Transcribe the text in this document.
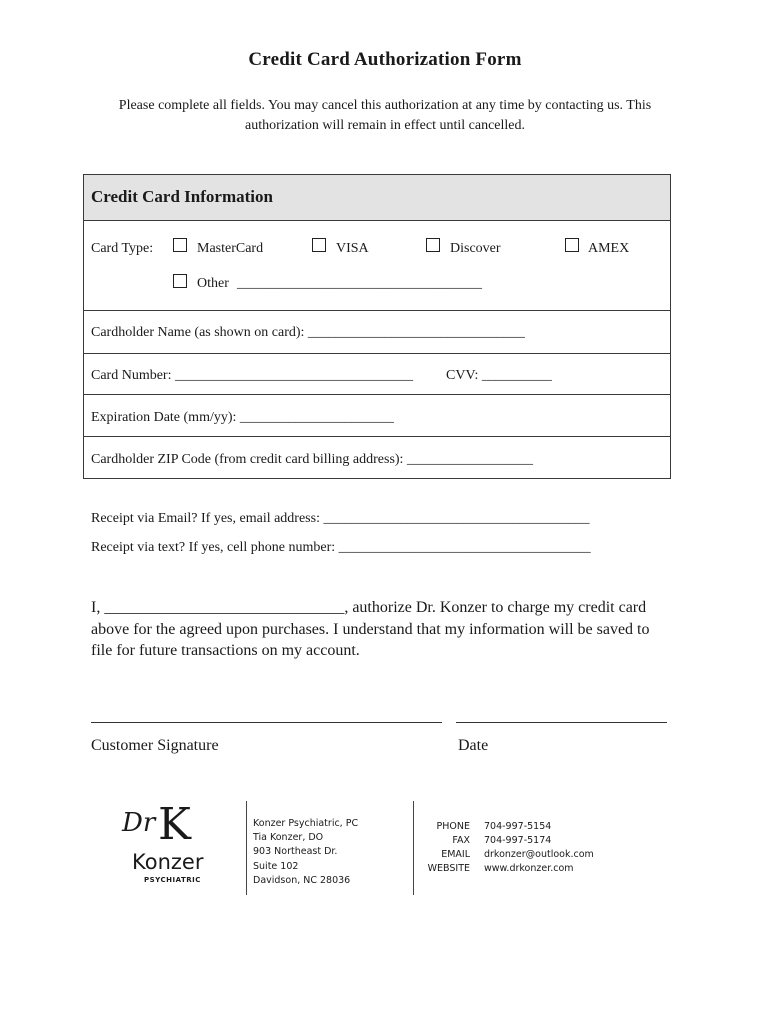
Credit Card Authorization Form
Please complete all fields. You may cancel this authorization at any time by contacting us. This
authorization will remain in effect until cancelled.
Credit Card Information
Card Type:	MasterCard	VISA	Discover	AMEX
Other ___________________________________
Cardholder Name (as shown on card): _______________________________
Card Number: __________________________________ CVV: __________
Expiration Date (mm/yy): ______________________
Cardholder ZIP Code (from credit card billing address): __________________
Receipt via Email? If yes, email address: ______________________________________
Receipt via text? If yes, cell phone number: ____________________________________
I, ______________________________, authorize Dr. Konzer to charge my credit card
above for the agreed upon purchases. I understand that my information will be saved to
file for future transactions on my account.
Customer Signature	Date
Dr K
Konzer
PSYCHIATRIC
Konzer Psychiatric, PC
Tia Konzer, DO
903 Northeast Dr.
Suite 102
Davidson, NC 28036
PHONE 704-997-5154
FAX 704-997-5174
EMAIL drkonzer@outlook.com
WEBSITE www.drkonzer.com
